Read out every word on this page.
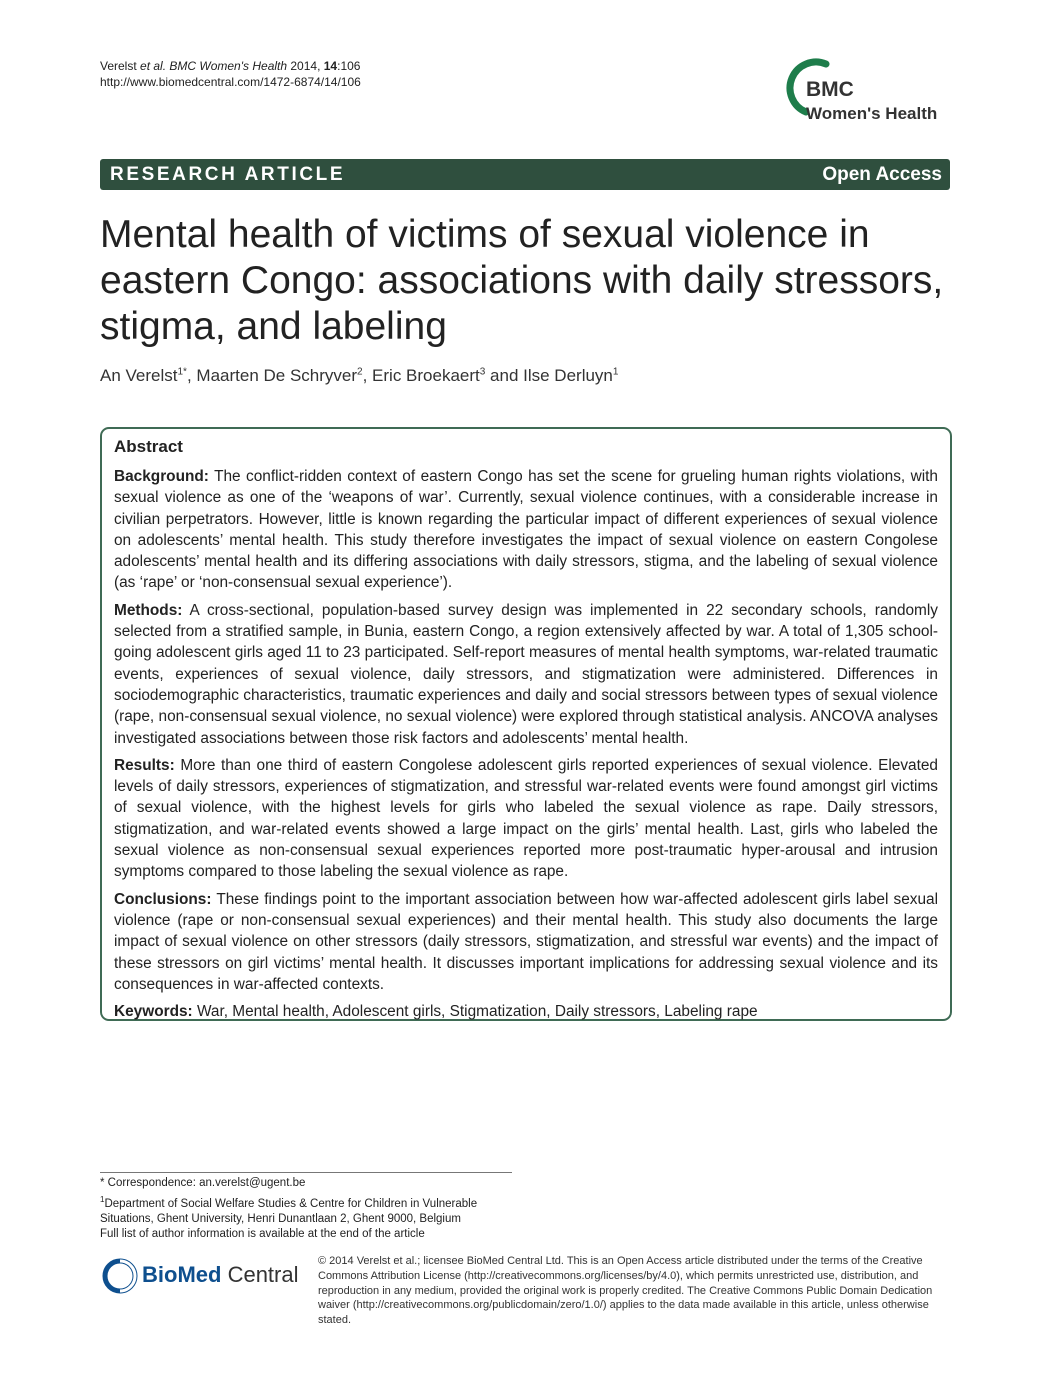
Verelst et al. BMC Women's Health 2014, 14:106
http://www.biomedcentral.com/1472-6874/14/106	BMC
Women's Health
RESEARCH ARTICLE	Open Access
Mental health of victims of sexual violence in eastern Congo: associations with daily stressors, stigma, and labeling
An Verelst$^{1*}$, Maarten De Schryver$^2$, Eric Broekaert$^3$ and Ilse Derluyn$^1$
Abstract

Background: The conflict-ridden context of eastern Congo has set the scene for grueling human rights violations, with sexual violence as one of the ‘weapons of war’. Currently, sexual violence continues, with a considerable increase in civilian perpetrators. However, little is known regarding the particular impact of different experiences of sexual violence on adolescents’ mental health. This study therefore investigates the impact of sexual violence on eastern Congolese adolescents’ mental health and its differing associations with daily stressors, stigma, and the labeling of sexual violence (as ‘rape’ or ‘non-consensual sexual experience’).

Methods: A cross-sectional, population-based survey design was implemented in 22 secondary schools, randomly selected from a stratified sample, in Bunia, eastern Congo, a region extensively affected by war. A total of 1,305 school-going adolescent girls aged 11 to 23 participated. Self-report measures of mental health symptoms, war-related traumatic events, experiences of sexual violence, daily stressors, and stigmatization were administered. Differences in sociodemographic characteristics, traumatic experiences and daily and social stressors between types of sexual violence (rape, non-consensual sexual violence, no sexual violence) were explored through statistical analysis. ANCOVA analyses investigated associations between those risk factors and adolescents’ mental health.

Results: More than one third of eastern Congolese adolescent girls reported experiences of sexual violence. Elevated levels of daily stressors, experiences of stigmatization, and stressful war-related events were found amongst girl victims of sexual violence, with the highest levels for girls who labeled the sexual violence as rape. Daily stressors, stigmatization, and war-related events showed a large impact on the girls’ mental health. Last, girls who labeled the sexual violence as non-consensual sexual experiences reported more post-traumatic hyper-arousal and intrusion symptoms compared to those labeling the sexual violence as rape.

Conclusions: These findings point to the important association between how war-affected adolescent girls label sexual violence (rape or non-consensual sexual experiences) and their mental health. This study also documents the large impact of sexual violence on other stressors (daily stressors, stigmatization, and stressful war events) and the impact of these stressors on girl victims’ mental health. It discusses important implications for addressing sexual violence and its consequences in war-affected contexts.

Keywords: War, Mental health, Adolescent girls, Stigmatization, Daily stressors, Labeling rape

* Correspondence: an.verelst@ugent.be

$^1$Department of Social Welfare Studies & Centre for Children in Vulnerable Situations, Ghent University, Henri Dunantlaan 2, Ghent 9000, Belgium

Full list of author information is available at the end of the article

BioMed Central
© 2014 Verelst et al.; licensee BioMed Central Ltd. This is an Open Access article distributed under the terms of the Creative Commons Attribution License (http://creativecommons.org/licenses/by/4.0), which permits unrestricted use, distribution, and reproduction in any medium, provided the original work is properly credited. The Creative Commons Public Domain Dedication waiver (http://creativecommons.org/publicdomain/zero/1.0/) applies to the data made available in this article, unless otherwise stated.
